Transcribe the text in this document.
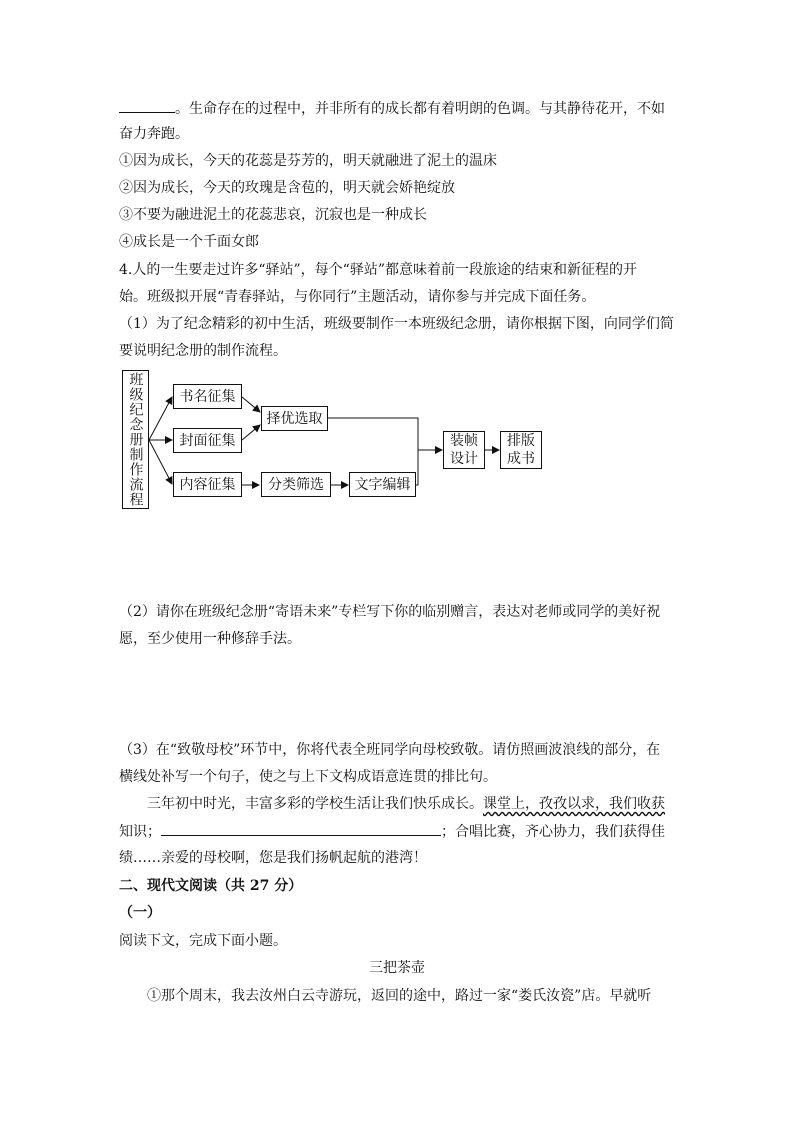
。生命存在的过程中，并非所有的成长都有着明朗的色调。与其静待花开，不如
奋力奔跑。
①因为成长，今天的花蕊是芬芳的，明天就融进了泥土的温床
②因为成长，今天的玫瑰是含苞的，明天就会娇艳绽放
③不要为融进泥土的花蕊悲哀，沉寂也是一种成长
④成长是一个千面女郎
4.人的一生要走过许多“驿站”，每个“驿站”都意味着前一段旅途的结束和新征程的开
始。班级拟开展“青春驿站，与你同行”主题活动，请你参与并完成下面任务。
（1）为了纪念精彩的初中生活，班级要制作一本班级纪念册，请你根据下图，向同学们简
要说明纪念册的制作流程。
班级纪念册制作流程	书名征集
封面征集
内容征集
择优选取
分类筛选	文字编辑
装帧设计
排版成书
（2）请你在班级纪念册“寄语未来”专栏写下你的临别赠言，表达对老师或同学的美好祝
愿，至少使用一种修辞手法。
（3）在“致敬母校”环节中，你将代表全班同学向母校致敬。请仿照画波浪线的部分，在
横线处补写一个句子，使之与上下文构成语意连贯的排比句。
三年初中时光，丰富多彩的学校生活让我们快乐成长。课堂上，孜孜以求，我们收获
知识；	；合唱比赛，齐心协力，我们获得佳
绩……亲爱的母校啊，您是我们扬帆起航的港湾！
二、现代文阅读（共 27 分）
（一）
阅读下文，完成下面小题。
三把茶壶
①那个周末，我去汝州白云寺游玩，返回的途中，路过一家“娄氏汝瓷”店。早就听
